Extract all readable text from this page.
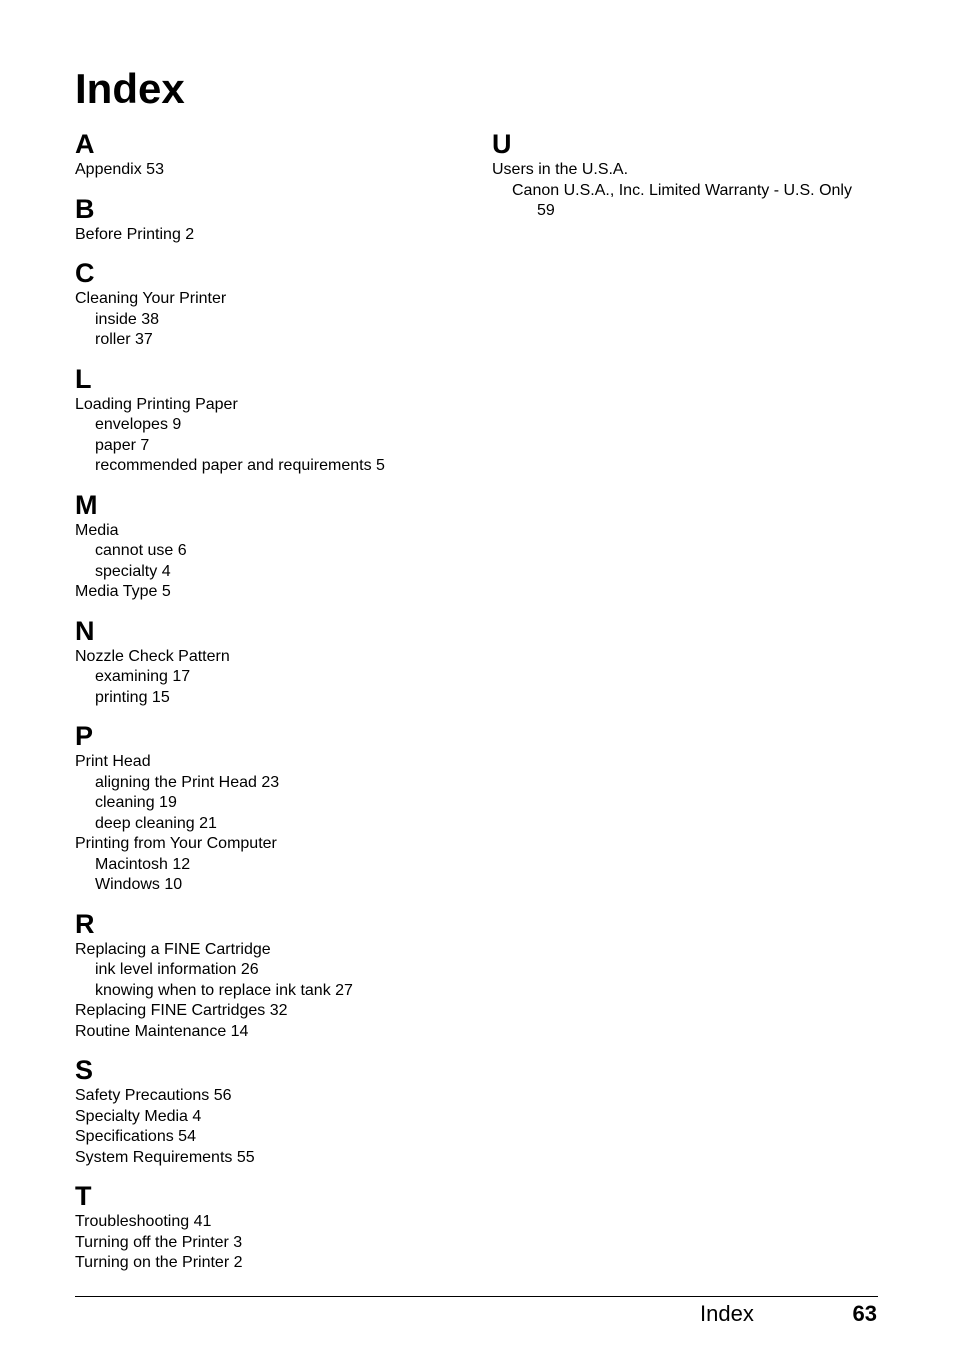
Index
A
Appendix 53
B
Before Printing 2
C
Cleaning Your Printer
inside 38
roller 37
L
Loading Printing Paper
envelopes 9
paper 7
recommended paper and requirements 5
M
Media
cannot use 6
specialty 4
Media Type 5
N
Nozzle Check Pattern
examining 17
printing 15
P
Print Head
aligning the Print Head 23
cleaning 19
deep cleaning 21
Printing from Your Computer
Macintosh 12
Windows 10
R
Replacing a FINE Cartridge
ink level information 26
knowing when to replace ink tank 27
Replacing FINE Cartridges 32
Routine Maintenance 14
S
Safety Precautions 56
Specialty Media 4
Specifications 54
System Requirements 55
T
Troubleshooting 41
Turning off the Printer 3
Turning on the Printer 2
U
Users in the U.S.A.
Canon U.S.A., Inc. Limited Warranty - U.S. Only
59
Index	63
